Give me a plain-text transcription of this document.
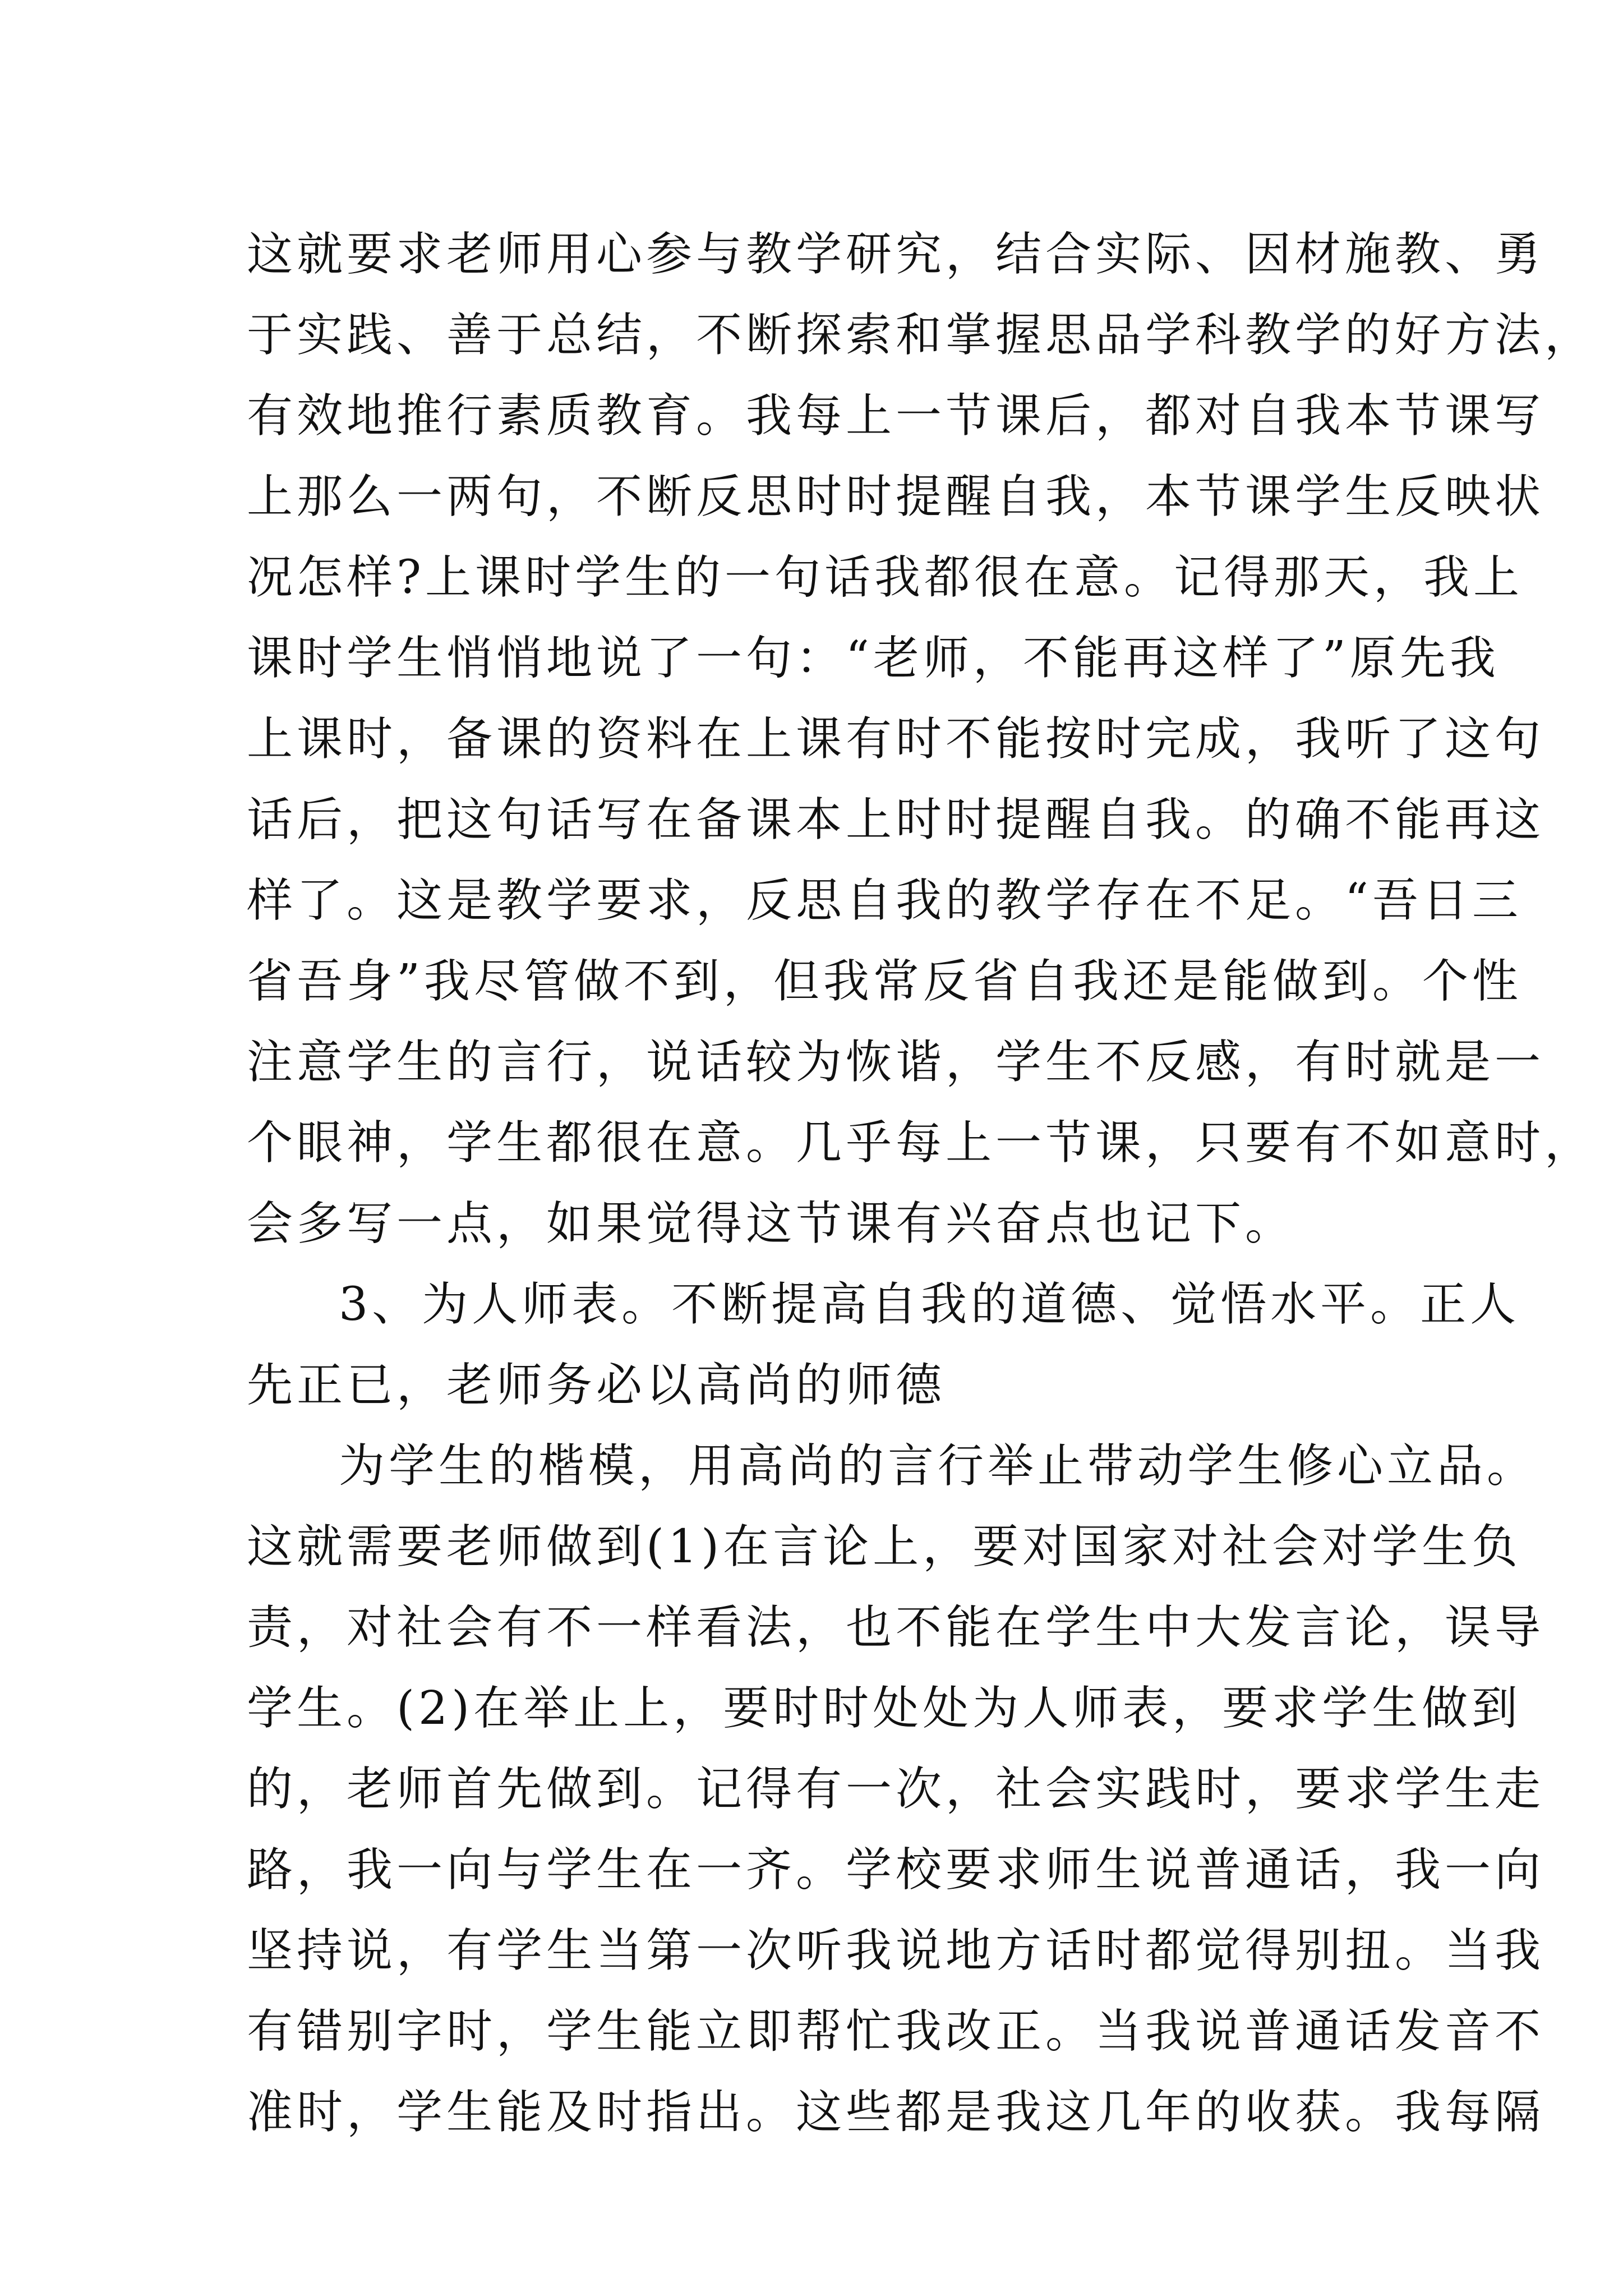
这就要求老师用心参与教学研究，结合实际、因材施教、勇
于实践、善于总结，不断探索和掌握思品学科教学的好方法，
有效地推行素质教育。我每上一节课后，都对自我本节课写
上那么一两句，不断反思时时提醒自我，本节课学生反映状
况怎样?上课时学生的一句话我都很在意。记得那天，我上
课时学生悄悄地说了一句：“老师，不能再这样了”原先我
上课时，备课的资料在上课有时不能按时完成，我听了这句
话后，把这句话写在备课本上时时提醒自我。的确不能再这
样了。这是教学要求，反思自我的教学存在不足。“吾日三
省吾身”我尽管做不到，但我常反省自我还是能做到。个性
注意学生的言行，说话较为恢谐，学生不反感，有时就是一
个眼神，学生都很在意。几乎每上一节课，只要有不如意时，
会多写一点，如果觉得这节课有兴奋点也记下。
3、为人师表。不断提高自我的道德、觉悟水平。正人
先正已，老师务必以高尚的师德
为学生的楷模，用高尚的言行举止带动学生修心立品。
这就需要老师做到(1)在言论上，要对国家对社会对学生负
责，对社会有不一样看法，也不能在学生中大发言论，误导
学生。(2)在举止上，要时时处处为人师表，要求学生做到
的，老师首先做到。记得有一次，社会实践时，要求学生走
路，我一向与学生在一齐。学校要求师生说普通话，我一向
坚持说，有学生当第一次听我说地方话时都觉得别扭。当我
有错别字时，学生能立即帮忙我改正。当我说普通话发音不
准时，学生能及时指出。这些都是我这几年的收获。我每隔
